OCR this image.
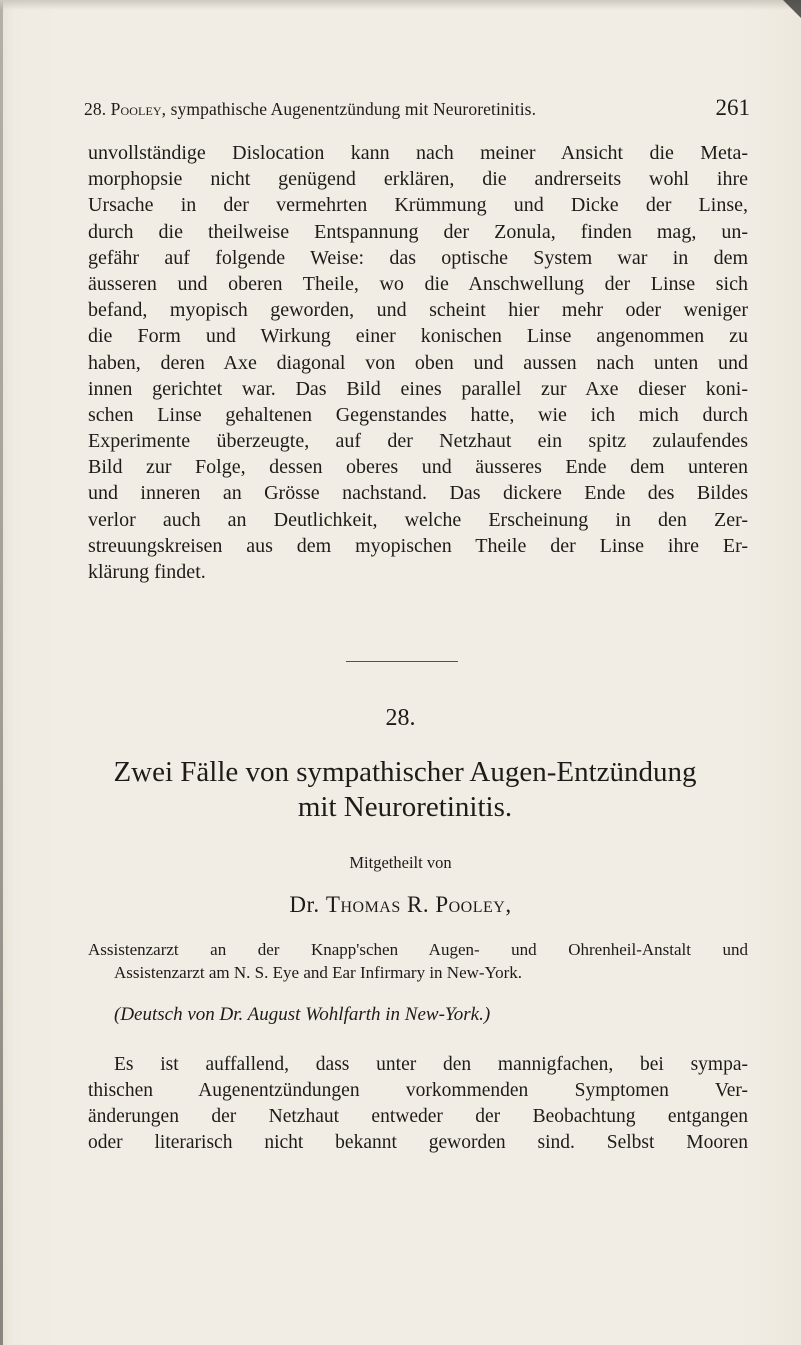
28. Pooley, sympathische Augenentzündung mit Neuroretinitis.	261
unvollständige Dislocation kann nach meiner Ansicht die Meta-
morphopsie nicht genügend erklären, die andrerseits wohl ihre
Ursache in der vermehrten Krümmung und Dicke der Linse,
durch die theilweise Entspannung der Zonula, finden mag, un-
gefähr auf folgende Weise: das optische System war in dem
äusseren und oberen Theile, wo die Anschwellung der Linse sich
befand, myopisch geworden, und scheint hier mehr oder weniger
die Form und Wirkung einer konischen Linse angenommen zu
haben, deren Axe diagonal von oben und aussen nach unten und
innen gerichtet war. Das Bild eines parallel zur Axe dieser koni-
schen Linse gehaltenen Gegenstandes hatte, wie ich mich durch
Experimente überzeugte, auf der Netzhaut ein spitz zulaufendes
Bild zur Folge, dessen oberes und äusseres Ende dem unteren
und inneren an Grösse nachstand. Das dickere Ende des Bildes
verlor auch an Deutlichkeit, welche Erscheinung in den Zer-
streuungskreisen aus dem myopischen Theile der Linse ihre Er-
klärung findet.
28.
Zwei Fälle von sympathischer Augen-Entzündung
mit Neuroretinitis.
Mitgetheilt von
Dr. Thomas R. Pooley,
Assistenzarzt an der Knapp'schen Augen- und Ohrenheil-Anstalt und
Assistenzarzt am N. S. Eye and Ear Infirmary in New-York.
(Deutsch von Dr. August Wohlfarth in New-York.)
Es ist auffallend, dass unter den mannigfachen, bei sympa-
thischen Augenentzündungen vorkommenden Symptomen Ver-
änderungen der Netzhaut entweder der Beobachtung entgangen
oder literarisch nicht bekannt geworden sind. Selbst Mooren
